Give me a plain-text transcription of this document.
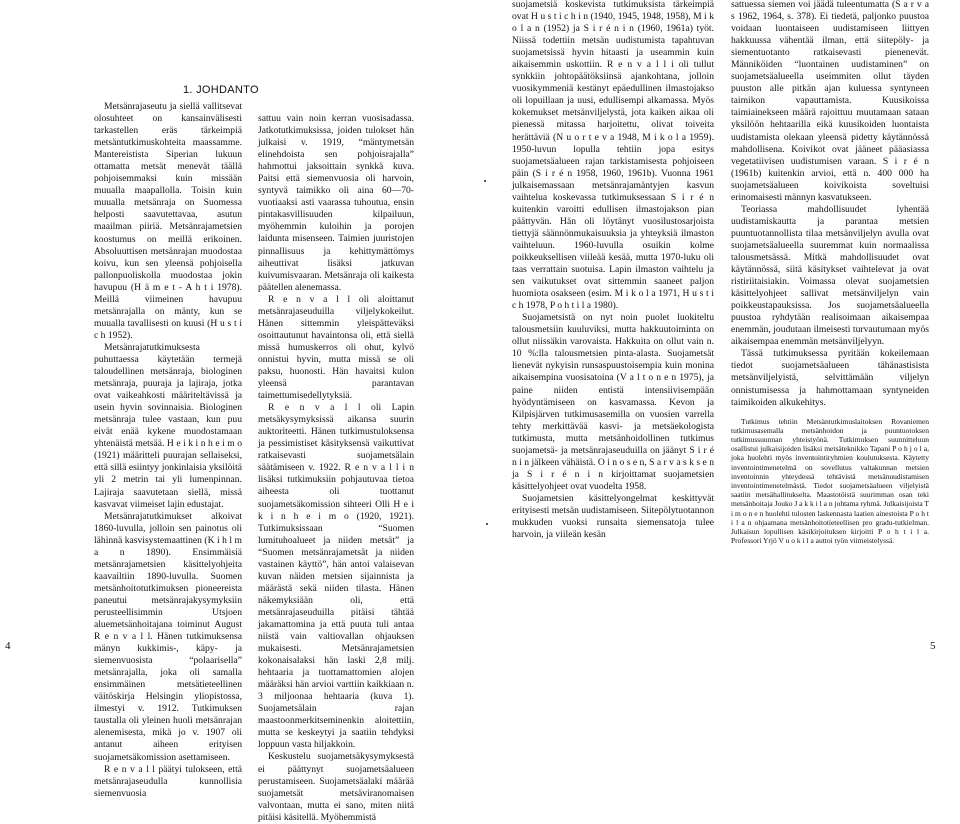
1. JOHDANTO

Metsänrajaseutu ja siellä vallitsevat olosuhteet on kansainvälisesti tarkastellen eräs tärkeimpiä metsäntutkimuskohteita maassamme. Mantereistista Siperian lukuun ottamatta metsät menevät täällä pohjoisemmaksi kuin missään muualla maapallolla. Toisin kuin muualla metsänraja on Suomessa helposti saavutettavaa, asutun maailman piiriä. Metsänrajametsien koostumus on meillä erikoinen. Absoluuttisen metsänrajan muodostaa koivu, kun sen yleensä pohjoisella pallonpuoliskolla muodostaa jokin havupuu (H ä m e t - A h t i 1978). Meillä viimeinen havupuu metsänrajalla on mänty, kun se muualla tavallisesti on kuusi (H u s t i c h 1952).

Metsänrajatutkimuksesta puhuttaessa käytetään termejä taloudellinen metsänraja, biologinen metsänraja, puuraja ja lajiraja, jotka ovat vaikeahkosti määriteltävissä ja usein hyvin sovinnaisia. Biologinen metsänraja tulee vastaan, kun puu eivät enää kykene muodostamaan yhtenäistä metsää. H e i k i n h e i m o (1921) määritteli puurajan sellaiseksi, että sillä esiintyy jonkinlaisia yksilöitä yli 2 metrin tai yli lumenpinnan. Lajiraja saavutetaan siellä, missä kasvavat viimeiset lajin edustajat.

Metsänrajatutkimukset alkoivat 1860-luvulla, jolloin sen painotus oli lähinnä kasvisystemaattinen (K i h l m a n 1890). Ensimmäisiä metsänrajametsien käsittelyohjeita kaavailtiin 1890-luvulla. Suomen metsänhoitotutkimuksen pioneereista paneutui metsänrajakysymyksiin perusteellisimmin Utsjoen aluemetsänhoitajana toiminut August R e n v a l l. Hänen tutkimuksensa mänyn kukkimis-, käpy- ja siemenvuosista “polaarisella” metsänrajalla, joka oli samalla ensimmäinen metsätieteellinen väitöskirja Helsingin yliopistossa, ilmestyi v. 1912. Tutkimuksen taustalla oli yleinen huoli metsänrajan alenemisesta, mikä jo v. 1907 oli antanut aiheen erityisen suojametsäkomission asettamiseen.

R e n v a l l päätyi tulokseen, että metsänrajaseudulla kunnollisia siemenvuosia

sattuu vain noin kerran vuosisadassa. Jatkotutkimuksissa, joiden tulokset hän julkaisi v. 1919, “mäntymetsän elinehdoista sen pohjoisrajalla” hahmottui jaksoittain synkkä kuva. Paitsi että siemenvuosia oli harvoin, syntyvä taimikko oli aina 60—70-vuotiaaksi asti vaarassa tuhoutua, ensin pintakasvillisuuden kilpailuun, myöhemmin kuloihin ja porojen laidunta misenseen. Taimien juuristojen pinnallisuus ja kehittymättömys aiheuttivat lisäksi jatkuvan kuivumisvaaran. Metsänraja oli kaikesta päätellen alenemassa.

R e n v a l l oli aloittanut metsänrajaseuduilla viljelykokeilut. Hänen sittemmin yleispätteväksi osoittautunut havaintonsa oli, että siellä missä humuskerros oli ohut, kylvö onnistui hyvin, mutta missä se oli paksu, huonosti. Hän havaitsi kulon yleensä parantavan taimettumisedellytyksiä.

R e n v a l l oli Lapin metsäkysymyksissä aikansa suurin auktoriteetti. Hänen tutkimustuloksensa ja pessimistiset käsityksensä vaikuttivat ratkaisevasti suojametsälain säätämiseen v. 1922. R e n v a l l i n lisäksi tutkimuksiin pohjautuvaa tietoa aiheesta oli tuottanut suojametsäkomission sihteeri Olli H e i k i n h e i m o (1920, 1921). Tutkimuksissaan “Suomen lumituhoalueet ja niiden metsät” ja “Suomen metsänrajametsät ja niiden vastainen käyttö”, hän antoi valaisevan kuvan näiden metsien sijainnista ja määrästä sekä niiden tilasta. Hänen näkemyksiään oli, että metsänrajaseuduilla pitäisi tähtää jakamattomina ja että puuta tuli antaa niistä vain valtiovallan ohjauksen mukaisesti. Metsänrajametsien kokonaisalaksi hän laski 2,8 milj. hehtaaria ja tuottamattomien alojen määräksi hän arvioi varttiin kaikkiaan n. 3 miljoonaa hehtaaria (kuva 1). Suojametsälain rajan maastoonmerkitseminenkin aloitettiin, mutta se keskeytyi ja saatiin tehdyksi loppuun vasta hiljakkoin.

Keskustelu suojametsäkysymyksestä ei päättynyt suojametsäalueen perustamiseen. Suojametsäalaki määrää suojametsät metsäviranomaisen valvontaan, mutta ei sano, miten niitä pitäisi käsitellä. Myöhemmistä

suojametsiä koskevista tutkimuksista tärkeimpiä ovat H u s t i c h i n (1940, 1945, 1948, 1958), M i k o l a n (1952) ja S i r é n i n (1960, 1961a) työt. Niissä todettiin metsän uudistumista tapahtuvan suojametsissä hyvin hitaasti ja useammin kuin aikaisemmin uskottiin. R e n v a l l i oli tullut synkkiin johtopäätöksiinsä ajankohtana, jolloin vuosikymmeniä kestänyt epäedullinen ilmastojakso oli lopuillaan ja uusi, edullisempi alkamassa. Myös kokemukset metsänviljelystä, jota kaiken aikaa oli pienessä mitassa harjoitettu, olivat toiveita herättäviä (N u o r t e v a 1948, M i k o l a 1959). 1950-luvun lopulla tehtiin jopa esitys suojametsäalueen rajan tarkistamisesta pohjoiseen päin (S i r é n 1958, 1960, 1961b). Vuonna 1961 julkaisemassaan metsänrajamäntyjen kasvun vaihtelua koskevassa tutkimuksessaan S i r é n kuitenkin varoitti edullisen ilmastojakson pian päättyvän. Hän oli löytänyt vuosilustosarjoista tiettyjä säännönmukaisuuksia ja yhteyksiä ilmaston vaihteluun. 1960-luvulla osuikin kolme poikkeuksellisen viileää kesää, mutta 1970-luku oli taas verrattain suotuisa. Lapin ilmaston vaihtelu ja sen vaikutukset ovat sittemmin saaneet paljon huomiota osakseen (esim. M i k o l a 1971, H u s t i c h 1978, P o h t i l a 1980).

Suojametsistä on nyt noin puolet luokiteltu talousmetsiin kuuluviksi, mutta hakkuutoiminta on ollut niissäkin varovaista. Hakkuita on ollut vain n. 10 %:lla talousmetsien pinta-alasta. Suojametsät lienevät nykyisin runsaspuustoisempia kuin monina aikaisempina vuosisatoina (V a l t o n e n 1975), ja paine niiden entistä intensiivisempään hyödyntämiseen on kasvamassa. Kevon ja Kilpisjärven tutkimusasemilla on vuosien varrella tehty merkittävää kasvi- ja metsäekologista tutkimusta, mutta metsänhoidollinen tutkimus suojametsä- ja metsänrajaseuduilla on jäänyt S i r é n i n jälkeen vähäistä. O i n o s e n, S a r v a s k s e n ja S i r é n i n kirjoittamat suojametsien käsittelyohjeet ovat vuodelta 1958.

Suojametsien käsittelyongelmat keskittyvät erityisesti metsän uudistamiseen. Siitepölytuotannon mukkuden vuoksi runsaita siemensatoja tulee harvoin, ja viileän kesän

sattuessa siemen voi jäädä tuleentumatta (S a r v a s 1962, 1964, s. 378). Ei tiedetä, paljonko puustoa voidaan luontaiseen uudistamiseen liittyen hakkuussa vähentää ilman, että siitepöly- ja siementuotanto ratkaisevasti pienenevät. Männiköiden “luontainen uudistaminen” on suojametsäalueella useimmiten ollut täyden puuston alle pitkän ajan kuluessa syntyneen taimikon vapauttamista. Kuusikoissa taimiainekseen määrä rajoittuu muutamaan sataan yksilöön hehtaarilla eikä kuusikoiden luontaista uudistamista olekaan yleensä pidetty käytännössä mahdollisena. Koivikot ovat jääneet pääasiassa vegetatiivisen uudistumisen varaan. S i r é n (1961b) kuitenkin arvioi, että n. 400 000 ha suojametsäalueen koivikoista soveltuisi erinomaisesti männyn kasvatukseen.

Teoriassa mahdollisuudet lyhentää uudistamiskautta ja parantaa metsien puuntuotannollista tilaa metsänviljelyn avulla ovat suojametsäalueella suuremmat kuin normaalissa talousmetsässä. Mitkä mahdollisuudet ovat käytännössä, siitä käsitykset vaihtelevat ja ovat ristiriitaisiakin. Voimassa olevat suojametsien käsittelyohjeet sallivat metsänviljelyn vain poikkeustapauksissa. Jos suojametsäalueella puustoa ryhdytään realisoimaan aikaisempaa enemmän, joudutaan ilmeisesti turvautumaan myös aikaisempaa enemmän metsänviljelyyn.

Tässä tutkimuksessa pyritään kokeilemaan tiedot suojametsäalueen tähänastisista metsänviljelyistä, selvittämään viljelyn onnistumisessa ja hahmottamaan syntyneiden taimikoiden alkukehitys.

Tutkimus tehtiin Metsäntutkimuslaitoksen Rovaniemen tutkimusasemalla metsänhoidon ja puuntuotoksen tutkimussuunnan yhteistyönä. Tutkimuksen suunnitteluun osallistui julkaisijoiden lisäksi metsäteknikko Tapani P o h j o l a, joka huolehti myös inventointiryhmien koulutuksesta. Käytetty inventointimenetelmä on sovellutus valtakunnan metsien inventoinnin yhteydessä tehtävistä metsänuudistamisen inventointimenetelmästä. Tiedot suojametsäalueen viljelyistä saatiin metsähallitukselta. Maastotöistä suurimman osan teki metsänhoitaja Jouko J a k k i l a n johtama ryhmä. Julkaisijoista T i m o n e n huolehti tulosten laskennasta laatien ainestoista P o h t i l a n ohjaamana metsänhoitotieteellisen pro gradu-tutkielman. Julkaisun lopullisen käsikirjoituksen kirjoitti P o h t i l a. Professori Yrjö V u o k i l a auttoi työn viimeistelyssä.

4	5
